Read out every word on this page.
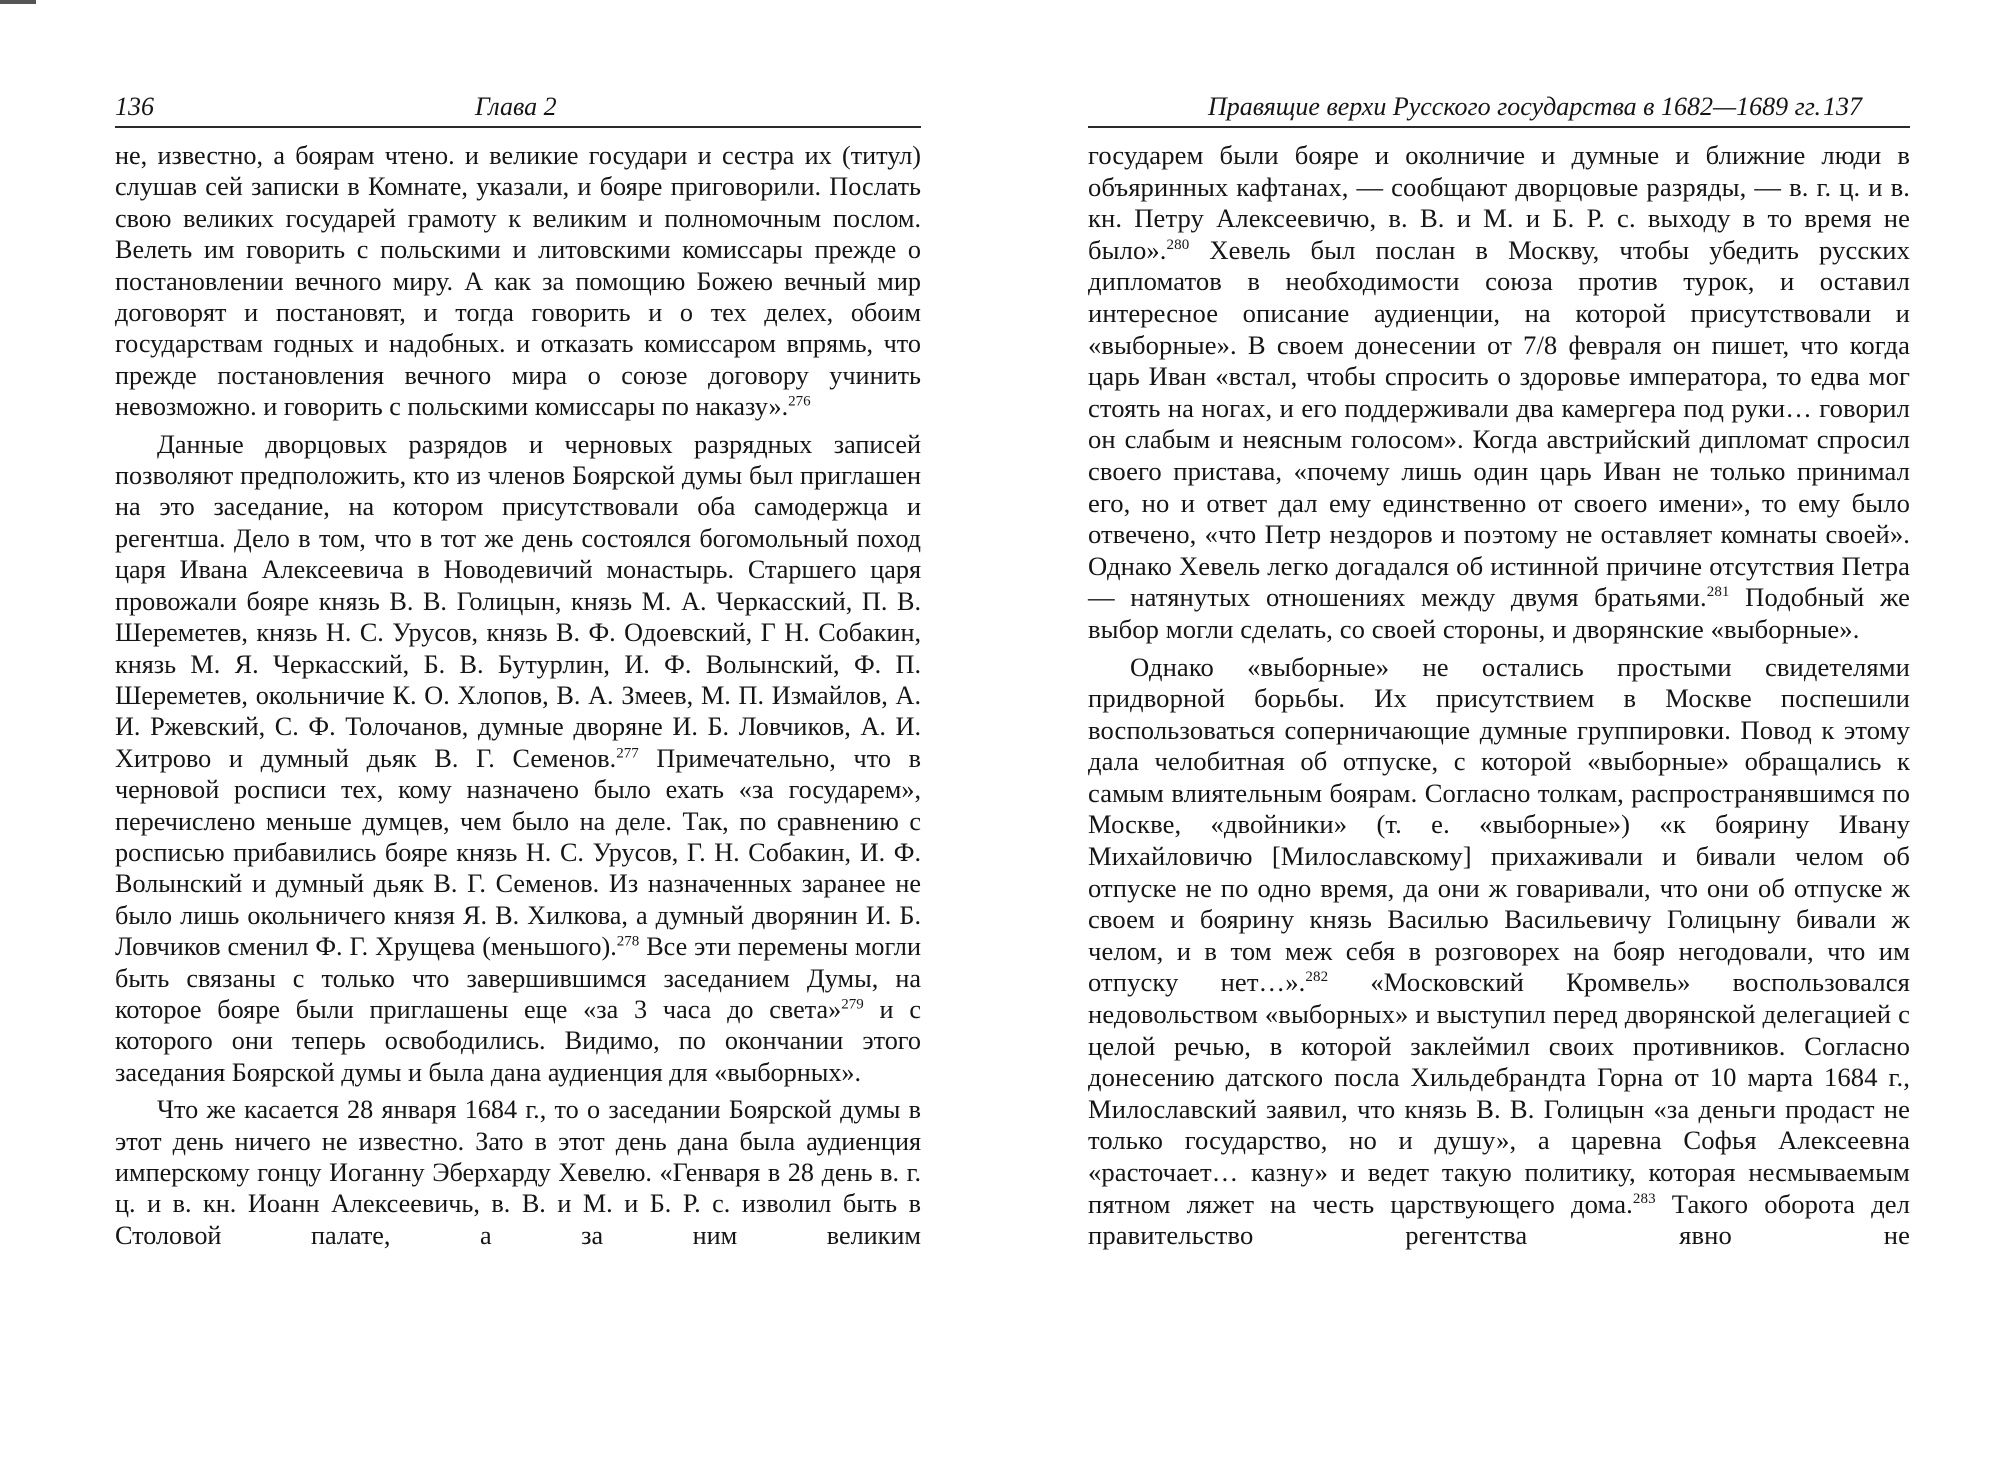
136	Глава 2

не, известно, а боярам чтено. и великие государи и сестра их (титул) слушав сей записки в Комнате, указали, и бояре приговорили. Послать свою великих государей грамоту к великим и полномочным послом. Велеть им говорить с польскими и литовскими комиссары прежде о постановлении вечного миру. А как за помощию Божею вечный мир договорят и постановят, и тогда говорить и о тех делех, обоим государствам годных и надобных. и отказать комиссаром впрямь, что прежде постановления вечного мира о союзе договору учинить невозможно. и говорить с польскими комиссары по наказу».$^{276}$

Данные дворцовых разрядов и черновых разрядных записей позволяют предположить, кто из членов Боярской думы был приглашен на это заседание, на котором присутствовали оба самодержца и регентша. Дело в том, что в тот же день состоялся богомольный поход царя Ивана Алексеевича в Новодевичий монастырь. Старшего царя провожали бояре князь В. В. Голицын, князь М. А. Черкасский, П. В. Шереметев, князь Н. С. Урусов, князь В. Ф. Одоевский, Г Н. Собакин, князь М. Я. Черкасский, Б. В. Бутурлин, И. Ф. Волынский, Ф. П. Шереметев, окольничие К. О. Хлопов, В. А. Змеев, М. П. Измайлов, А. И. Ржевский, С. Ф. Толочанов, думные дворяне И. Б. Ловчиков, А. И. Хитрово и думный дьяк В. Г. Семенов.$^{277}$ Примечательно, что в черновой росписи тех, кому назначено было ехать «за государем», перечислено меньше думцев, чем было на деле. Так, по сравнению с росписью прибавились бояре князь Н. С. Урусов, Г. Н. Собакин, И. Ф. Волынский и думный дьяк В. Г. Семенов. Из назначенных заранее не было лишь окольничего князя Я. В. Хилкова, а думный дворянин И. Б. Ловчиков сменил Ф. Г. Хрущева (меньшого).$^{278}$ Все эти перемены могли быть связаны с только что завершившимся заседанием Думы, на которое бояре были приглашены еще «за 3 часа до света»$^{279}$ и с которого они теперь освободились. Видимо, по окончании этого заседания Боярской думы и была дана аудиенция для «выборных».

Что же касается 28 января 1684 г., то о заседании Боярской думы в этот день ничего не известно. Зато в этот день дана была аудиенция имперскому гонцу Иоганну Эберхарду Хевелю. «Генваря в 28 день в. г. ц. и в. кн. Иоанн Алексеевичь, в. В. и М. и Б. Р. с. изволил быть в Столовой палате, а за ним великим

Правящие верхи Русского государства в 1682—1689 гг. 137

государем были бояре и околничие и думные и ближние люди в объяринных кафтанах, — сообщают дворцовые разряды, — в. г. ц. и в. кн. Петру Алексеевичю, в. В. и М. и Б. Р. с. выходу в то время не было».$^{280}$ Хевель был послан в Москву, чтобы убедить русских дипломатов в необходимости союза против турок, и оставил интересное описание аудиенции, на которой присутствовали и «выборные». В своем донесении от 7/8 февраля он пишет, что когда царь Иван «встал, чтобы спросить о здоровье императора, то едва мог стоять на ногах, и его поддерживали два камергера под руки… говорил он слабым и неясным голосом». Когда австрийский дипломат спросил своего пристава, «почему лишь один царь Иван не только принимал его, но и ответ дал ему единственно от своего имени», то ему было отвечено, «что Петр нездоров и поэтому не оставляет комнаты своей». Однако Хевель легко догадался об истинной причине отсутствия Петра — натянутых отношениях между двумя братьями.$^{281}$ Подобный же выбор могли сделать, со своей стороны, и дворянские «выборные».

Однако «выборные» не остались простыми свидетелями придворной борьбы. Их присутствием в Москве поспешили воспользоваться соперничающие думные группировки. Повод к этому дала челобитная об отпуске, с которой «выборные» обращались к самым влиятельным боярам. Согласно толкам, распространявшимся по Москве, «двойники» (т. е. «выборные») «к боярину Ивану Михайловичю [Милославскому] прихаживали и бивали челом об отпуске не по одно время, да они ж говаривали, что они об отпуске ж своем и боярину князь Василью Васильевичу Голицыну бивали ж челом, и в том меж себя в розговорех на бояр негодовали, что им отпуску нет…».$^{282}$ «Московский Кромвель» воспользовался недовольством «выборных» и выступил перед дворянской делегацией с целой речью, в которой заклеймил своих противников. Согласно донесению датского посла Хильдебрандта Горна от 10 марта 1684 г., Милославский заявил, что князь В. В. Голицын «за деньги продаст не только государство, но и душу», а царевна Софья Алексеевна «расточает… казну» и ведет такую политику, которая несмываемым пятном ляжет на честь царствующего дома.$^{283}$ Такого оборота дел правительство регентства явно не
